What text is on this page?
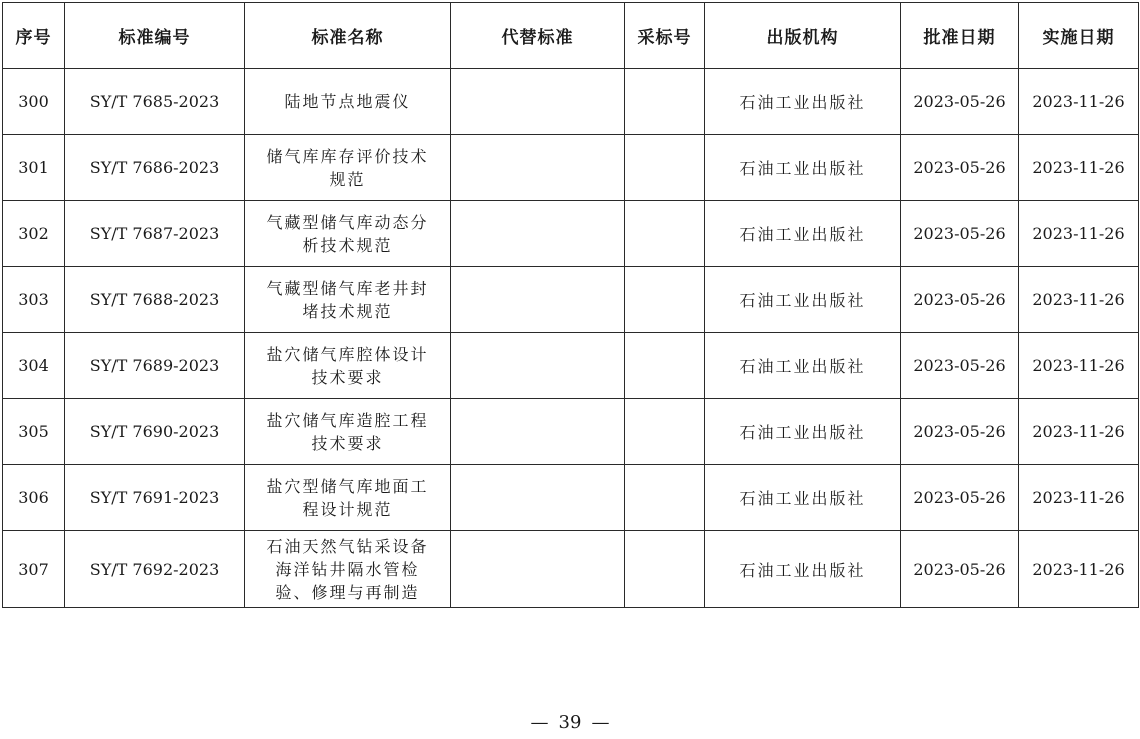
序号	标准编号	标准名称	代替标准	采标号	出版机构	批准日期	实施日期
300	SY/T 7685-2023	陆地节点地震仪			石油工业出版社	2023-05-26	2023-11-26
301	SY/T 7686-2023	储气库库存评价技术规范			石油工业出版社	2023-05-26	2023-11-26
302	SY/T 7687-2023	气藏型储气库动态分析技术规范			石油工业出版社	2023-05-26	2023-11-26
303	SY/T 7688-2023	气藏型储气库老井封堵技术规范			石油工业出版社	2023-05-26	2023-11-26
304	SY/T 7689-2023	盐穴储气库腔体设计技术要求			石油工业出版社	2023-05-26	2023-11-26
305	SY/T 7690-2023	盐穴储气库造腔工程技术要求			石油工业出版社	2023-05-26	2023-11-26
306	SY/T 7691-2023	盐穴型储气库地面工程设计规范			石油工业出版社	2023-05-26	2023-11-26
307	SY/T 7692-2023	石油天然气钻采设备海洋钻井隔水管检验、修理与再制造			石油工业出版社	2023-05-26	2023-11-26
— 39 —
